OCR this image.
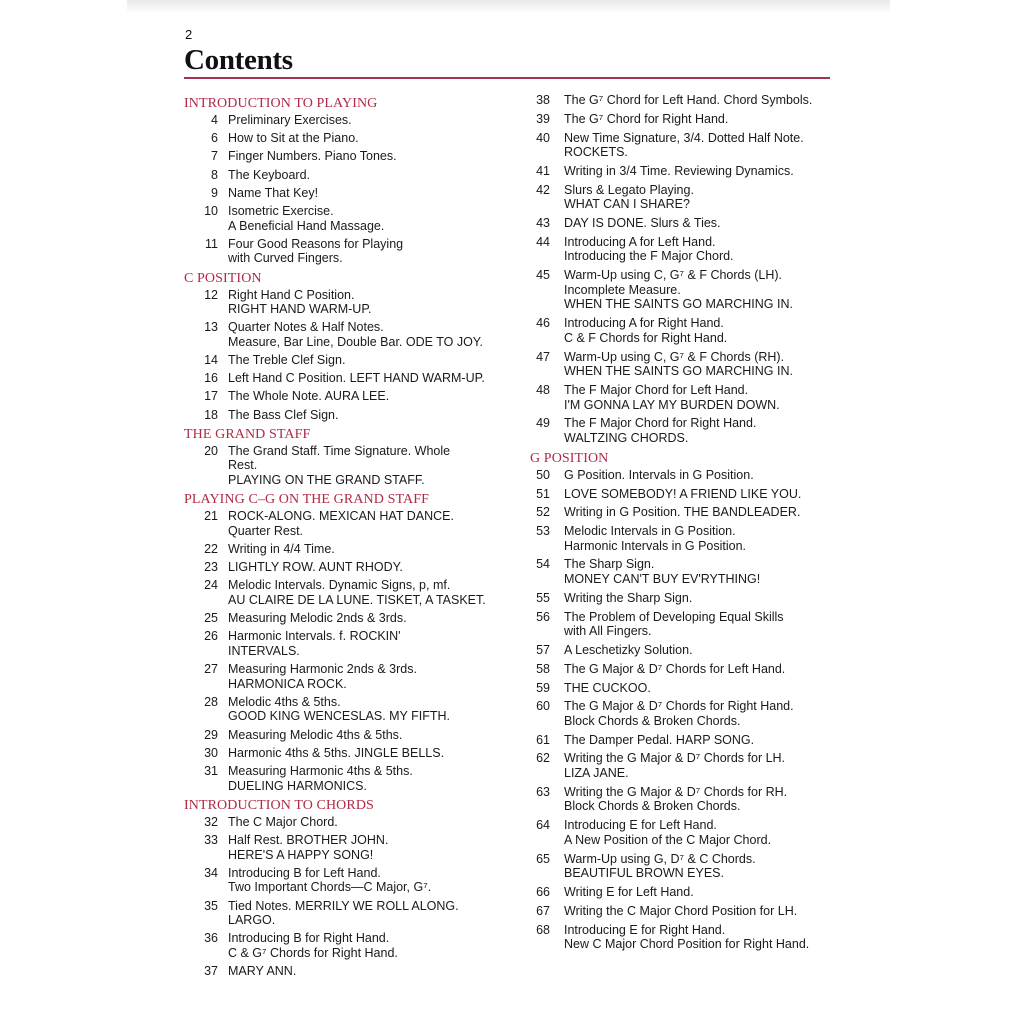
2
Contents
INTRODUCTION TO PLAYING
4 Preliminary Exercises.
6 How to Sit at the Piano.
7 Finger Numbers. Piano Tones.
8 The Keyboard.
9 Name That Key!
10 Isometric Exercise.
A Beneficial Hand Massage.
11 Four Good Reasons for Playing
with Curved Fingers.
C POSITION
12 Right Hand C Position.
RIGHT HAND WARM-UP.
13 Quarter Notes & Half Notes.
Measure, Bar Line, Double Bar. ODE TO JOY.
14 The Treble Clef Sign.
16 Left Hand C Position. LEFT HAND WARM-UP.
17 The Whole Note. AURA LEE.
18 The Bass Clef Sign.
THE GRAND STAFF
20 The Grand Staff. Time Signature. Whole
Rest.
PLAYING ON THE GRAND STAFF.
PLAYING C–G ON THE GRAND STAFF
21 ROCK-ALONG. MEXICAN HAT DANCE.
Quarter Rest.
22 Writing in 4/4 Time.
23 LIGHTLY ROW. AUNT RHODY.
24 Melodic Intervals. Dynamic Signs, p, mf.
AU CLAIRE DE LA LUNE. TISKET, A TASKET.
25 Measuring Melodic 2nds & 3rds.
26 Harmonic Intervals. f. ROCKIN'
INTERVALS.
27 Measuring Harmonic 2nds & 3rds.
HARMONICA ROCK.
28 Melodic 4ths & 5ths.
GOOD KING WENCESLAS. MY FIFTH.
29 Measuring Melodic 4ths & 5ths.
30 Harmonic 4ths & 5ths. JINGLE BELLS.
31 Measuring Harmonic 4ths & 5ths.
DUELING HARMONICS.
INTRODUCTION TO CHORDS
32 The C Major Chord.
33 Half Rest. BROTHER JOHN.
HERE'S A HAPPY SONG!
34 Introducing B for Left Hand.
Two Important Chords—C Major, G⁷.
35 Tied Notes. MERRILY WE ROLL ALONG.
LARGO.
36 Introducing B for Right Hand.
C & G⁷ Chords for Right Hand.
37 MARY ANN.
38 The G⁷ Chord for Left Hand. Chord Symbols.
39 The G⁷ Chord for Right Hand.
40 New Time Signature, 3/4. Dotted Half Note.
ROCKETS.
41 Writing in 3/4 Time. Reviewing Dynamics.
42 Slurs & Legato Playing.
WHAT CAN I SHARE?
43 DAY IS DONE. Slurs & Ties.
44 Introducing A for Left Hand.
Introducing the F Major Chord.
45 Warm-Up using C, G⁷ & F Chords (LH).
Incomplete Measure.
WHEN THE SAINTS GO MARCHING IN.
46 Introducing A for Right Hand.
C & F Chords for Right Hand.
47 Warm-Up using C, G⁷ & F Chords (RH).
WHEN THE SAINTS GO MARCHING IN.
48 The F Major Chord for Left Hand.
I'M GONNA LAY MY BURDEN DOWN.
49 The F Major Chord for Right Hand.
WALTZING CHORDS.
G POSITION
50 G Position. Intervals in G Position.
51 LOVE SOMEBODY! A FRIEND LIKE YOU.
52 Writing in G Position. THE BANDLEADER.
53 Melodic Intervals in G Position.
Harmonic Intervals in G Position.
54 The Sharp Sign.
MONEY CAN'T BUY EV'RYTHING!
55 Writing the Sharp Sign.
56 The Problem of Developing Equal Skills
with All Fingers.
57 A Leschetizky Solution.
58 The G Major & D⁷ Chords for Left Hand.
59 THE CUCKOO.
60 The G Major & D⁷ Chords for Right Hand.
Block Chords & Broken Chords.
61 The Damper Pedal. HARP SONG.
62 Writing the G Major & D⁷ Chords for LH.
LIZA JANE.
63 Writing the G Major & D⁷ Chords for RH.
Block Chords & Broken Chords.
64 Introducing E for Left Hand.
A New Position of the C Major Chord.
65 Warm-Up using G, D⁷ & C Chords.
BEAUTIFUL BROWN EYES.
66 Writing E for Left Hand.
67 Writing the C Major Chord Position for LH.
68 Introducing E for Right Hand.
New C Major Chord Position for Right Hand.
